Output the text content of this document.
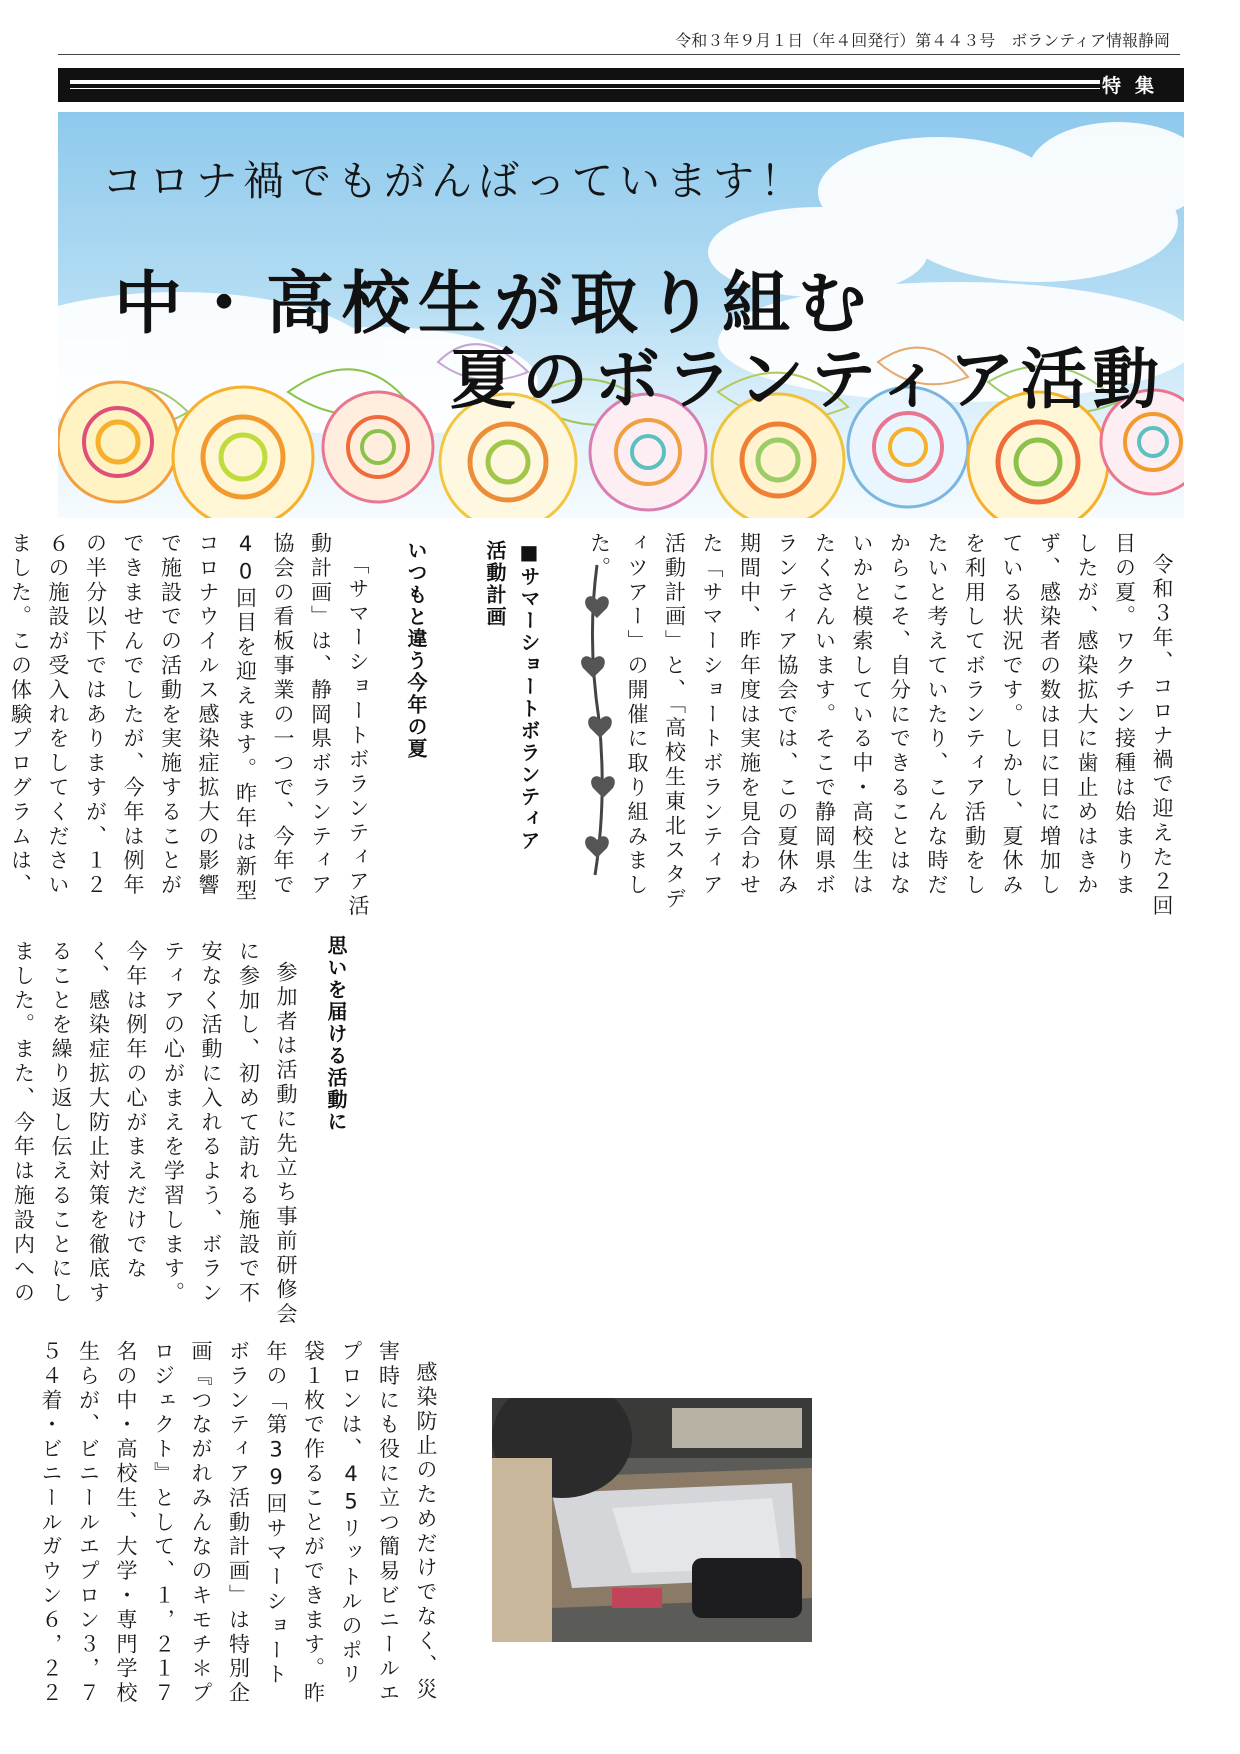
令和３年９月１日（年４回発行）第４４３号　ボランティア情報静岡
特集
コロナ禍でもがんばっています！
中・高校生が取り組む
夏のボランティア活動

令和３年、コロナ禍で迎えた２回目の夏。ワクチン接種は始まりましたが、感染拡大に歯止めはきかず、感染者の数は日に日に増加している状況です。しかし、夏休みを利用してボランティア活動をしたいと考えていたり、こんな時だからこそ、自分にできることはないかと模索している中・高校生はたくさんいます。そこで静岡県ボランティア協会では、この夏休み期間中、昨年度は実施を見合わせた「サマーショートボランティア活動計画」と、「高校生東北スタディツアー」の開催に取り組みました。

■サマーショートボランティア活動計画
いつもと違う今年の夏

「サマーショートボランティア活動計画」は、静岡県ボランティア協会の看板事業の一つで、今年で40回目を迎えます。昨年は新型コロナウイルス感染症拡大の影響で施設での活動を実施することができませんでしたが、今年は例年の半分以下ではありますが、１２６の施設が受入れをしてくださいました。この体験プログラムは、

思いを届ける活動に

参加者は活動に先立ち事前研修会に参加し、初めて訪れる施設で不安なく活動に入れるよう、ボランティアの心がまえを学習します。今年は例年の心がまえだけでなく、感染症拡大防止対策を徹底することを繰り返し伝えることにしました。また、今年は施設内への

感染防止のためだけでなく、災害時にも役に立つ簡易ビニールエプロンは、45リットルのポリ袋１枚で作ることができます。昨年の「第39回サマーショートボランティア活動計画」は特別企画『つながれみんなのキモチ＊プロジェクト』として、１，２１７名の中・高校生、大学・専門学校生らが、ビニールエプロン３，７５４着・ビニールガウン６，２２
